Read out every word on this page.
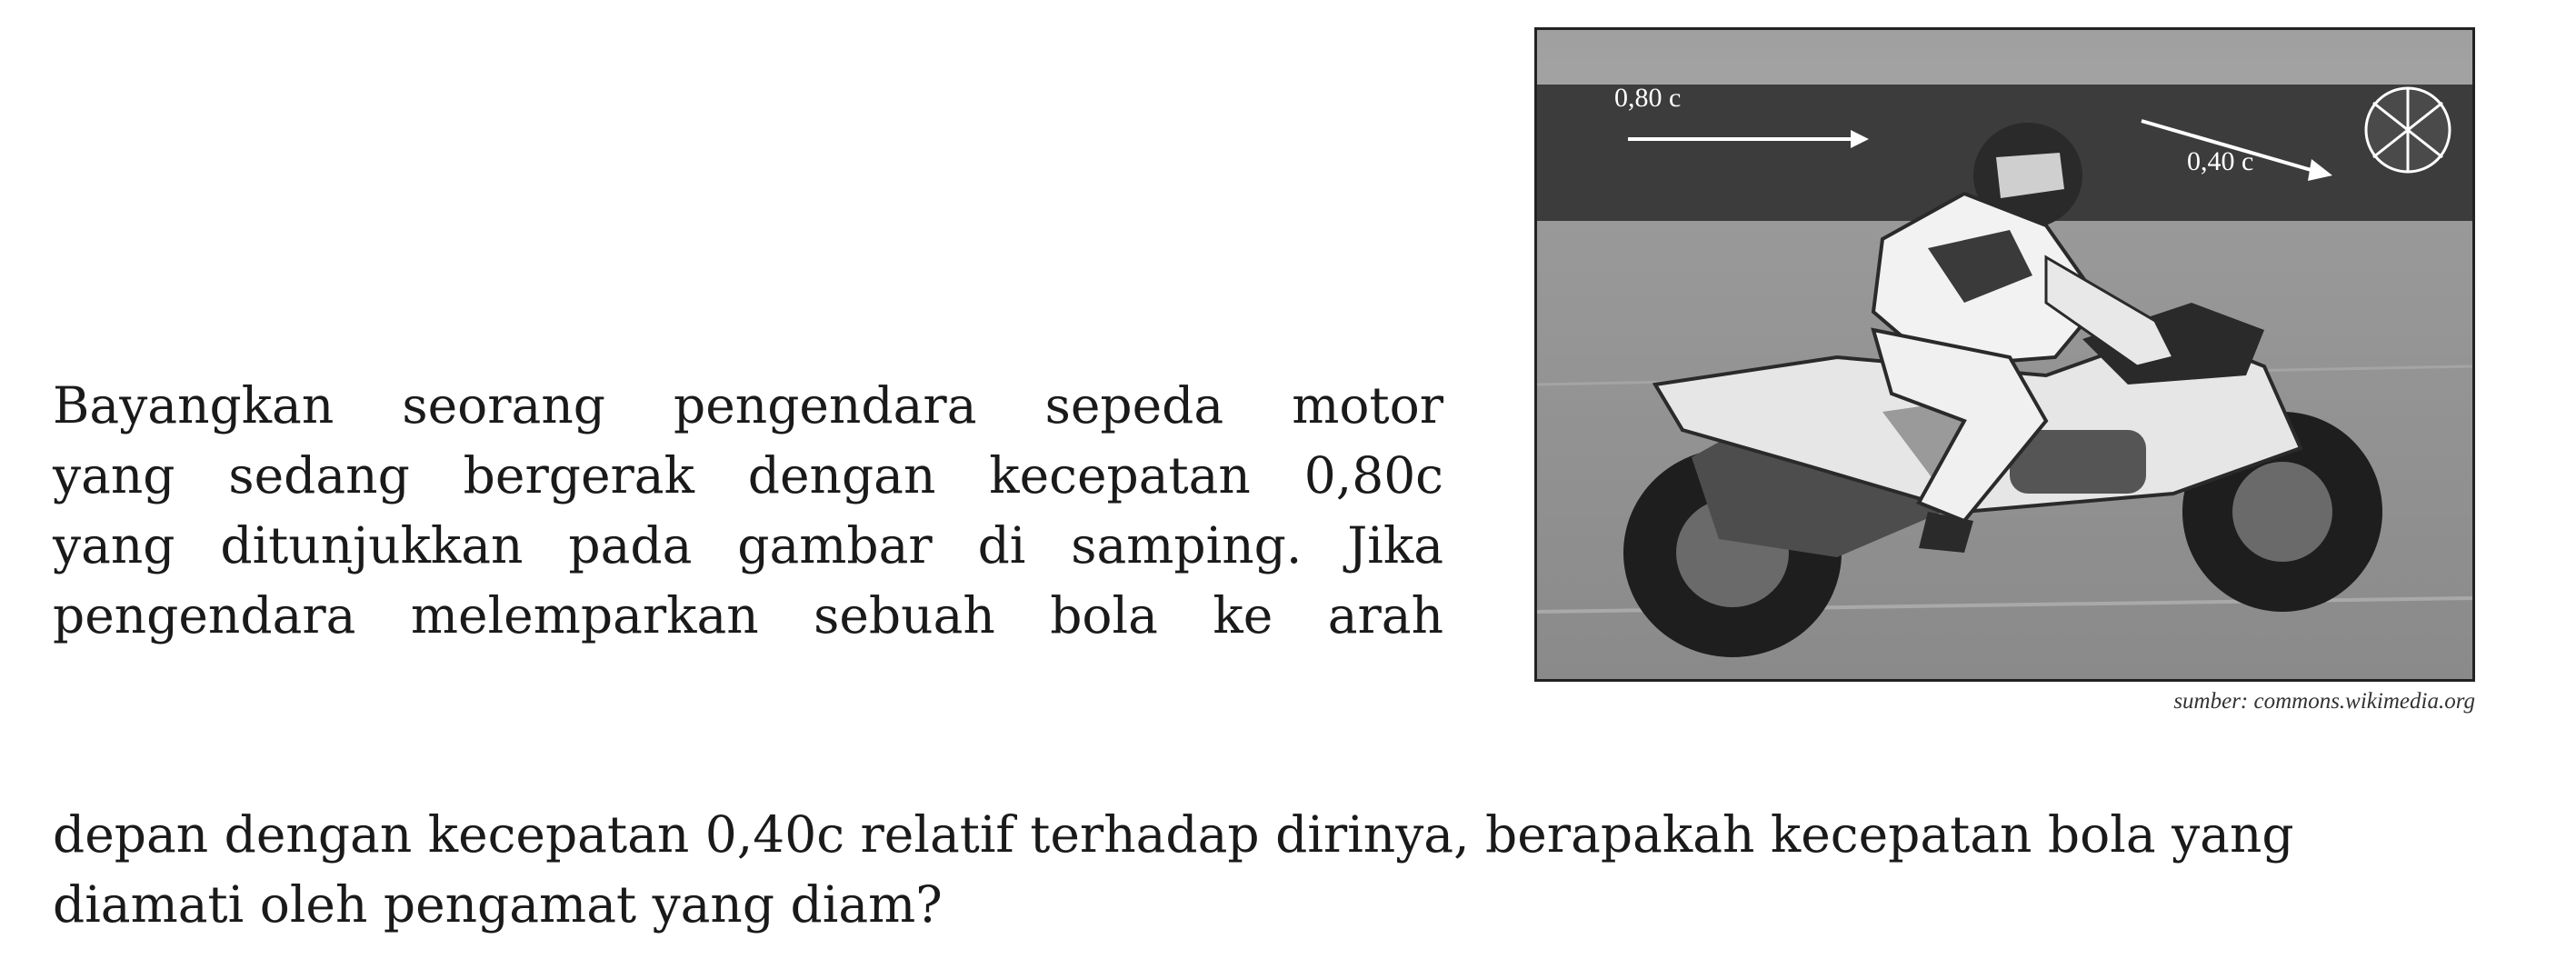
Bayangkan seorang pengendara sepeda motor
yang sedang bergerak dengan kecepatan 0,80c
yang ditunjukkan pada gambar di samping. Jika
pengendara melemparkan sebuah bola ke arah
0,80 c
0,40 c
sumber: commons.wikimedia.org
depan dengan kecepatan 0,40c relatif terhadap dirinya, berapakah kecepatan bola yang
diamati oleh pengamat yang diam?
